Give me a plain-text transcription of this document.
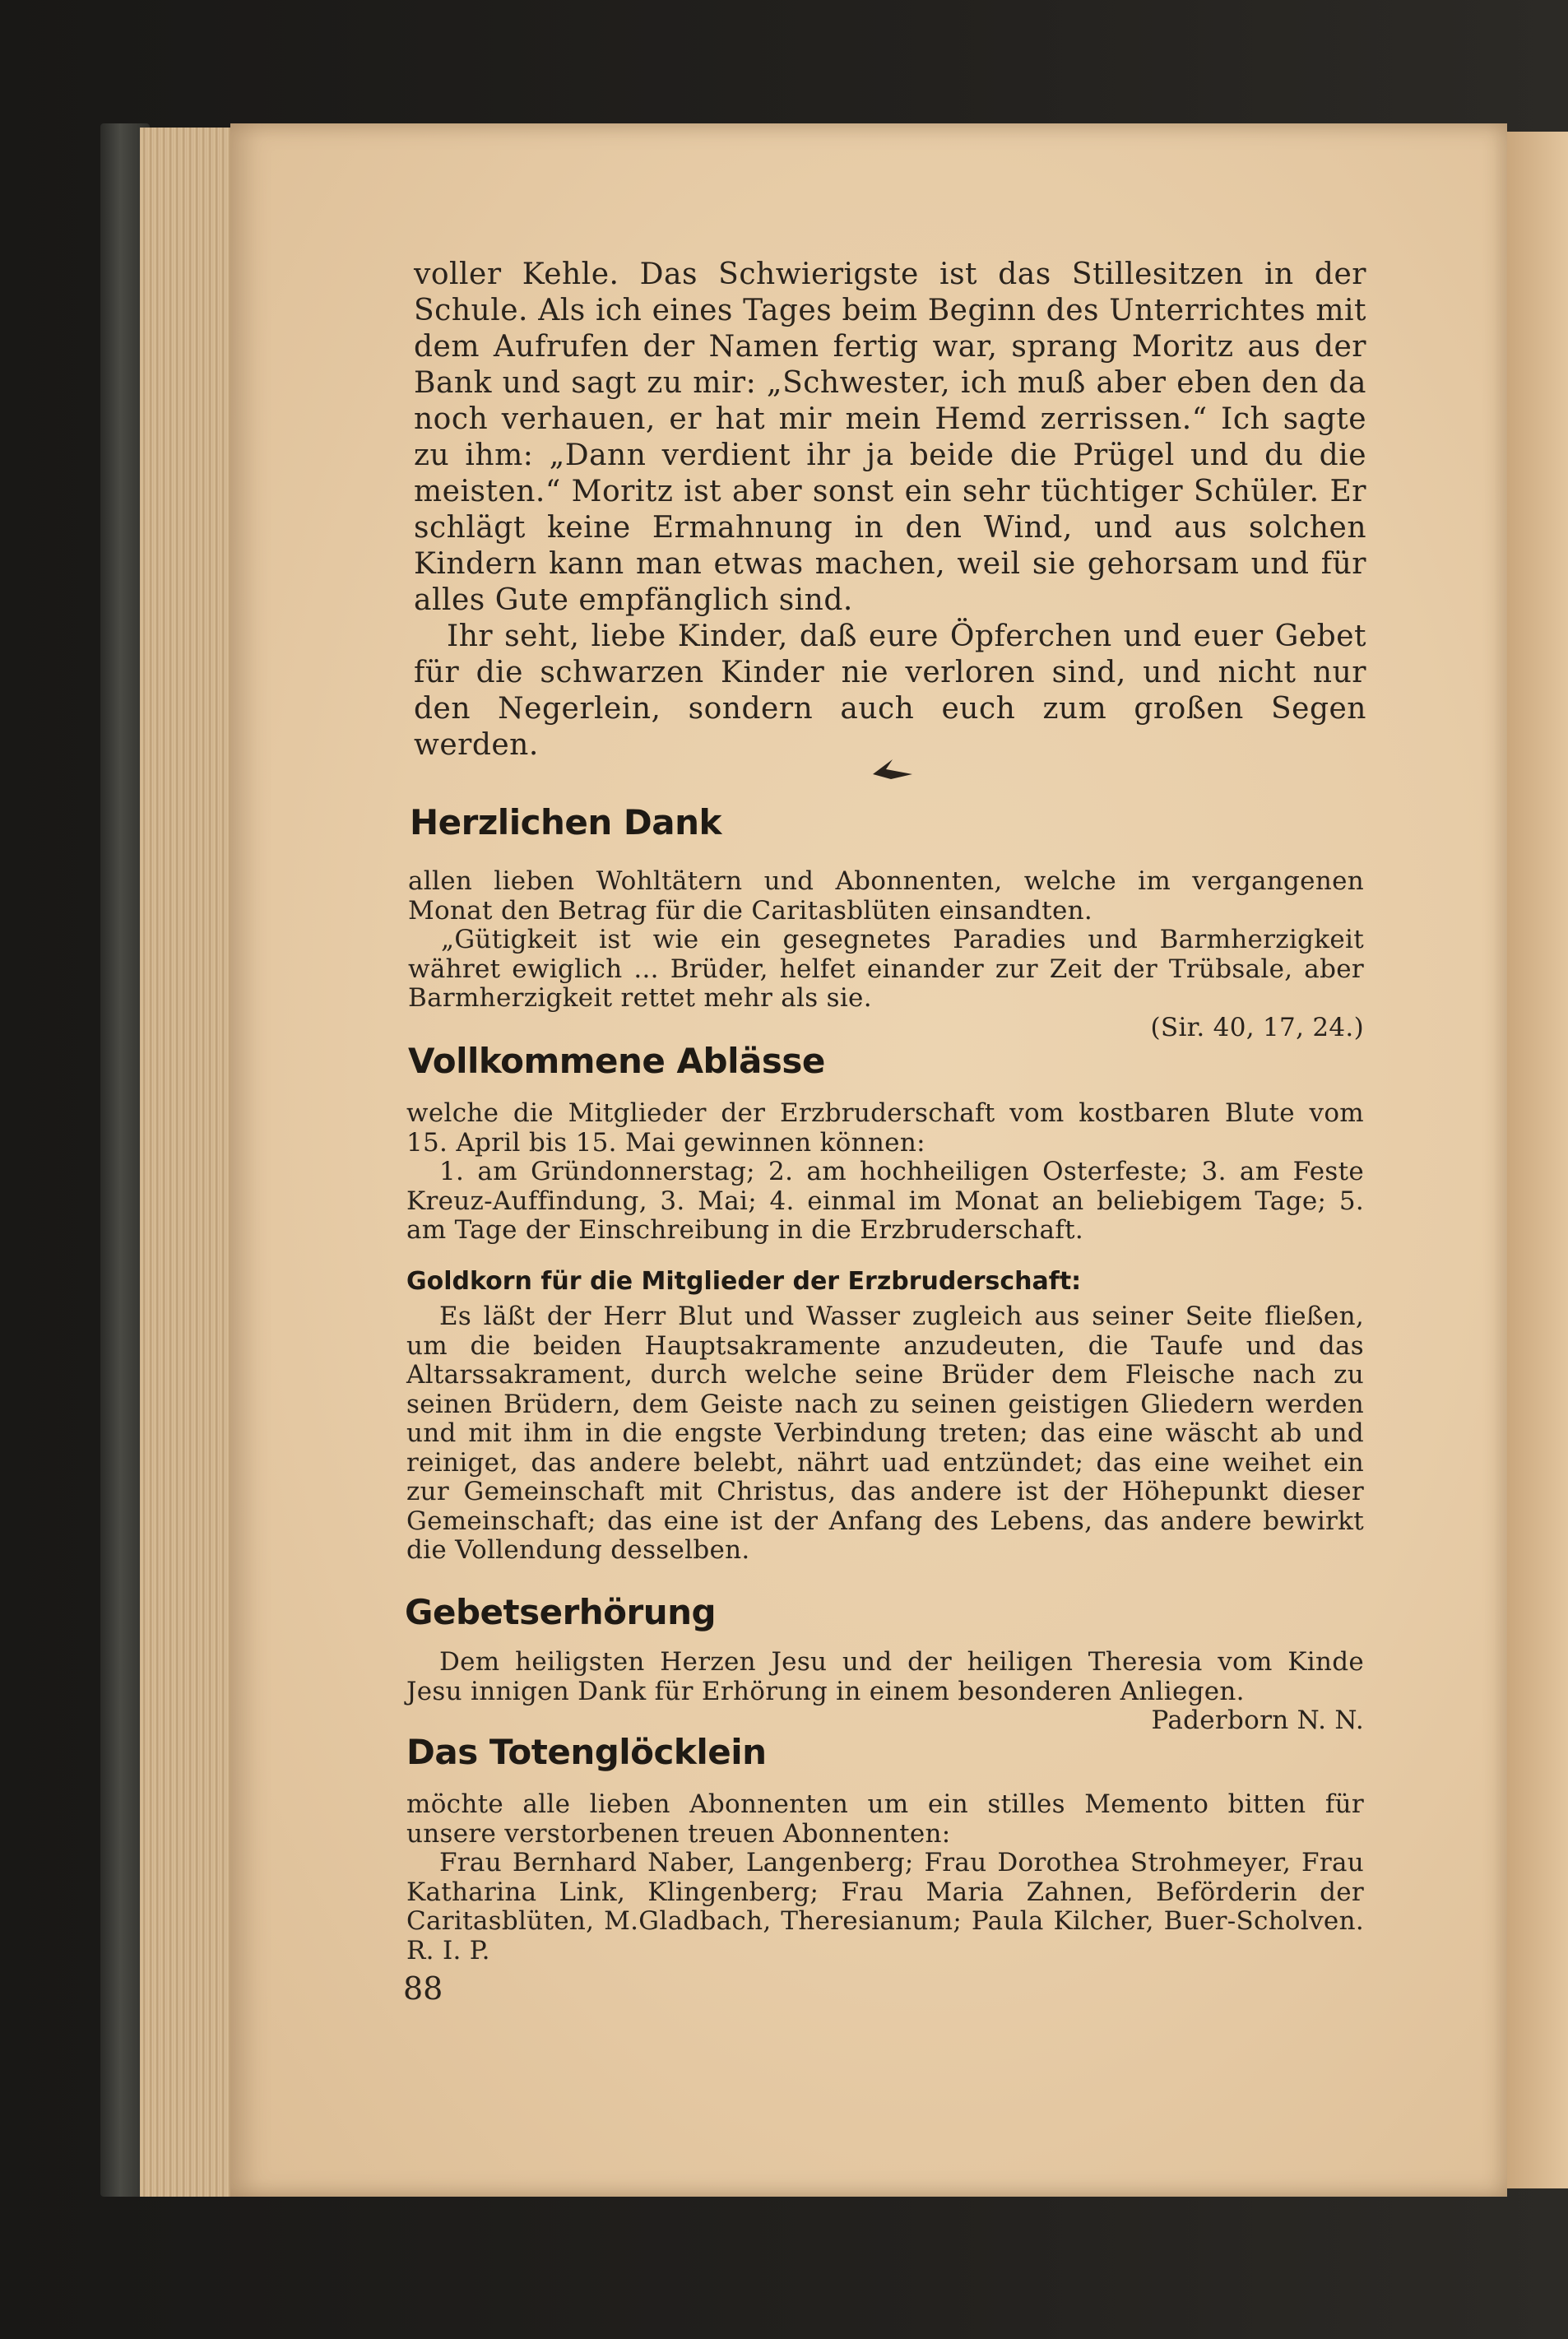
voller Kehle. Das Schwierigste ist das Stillesitzen in der Schule. Als ich eines Tages beim Beginn des Unterrichtes mit dem Aufrufen der Namen fertig war, sprang Moritz aus der Bank und sagt zu mir: „Schwester, ich muß aber eben den da noch verhauen, er hat mir mein Hemd zerrissen.“ Ich sagte zu ihm: „Dann verdient ihr ja beide die Prügel und du die meisten.“ Moritz ist aber sonst ein sehr tüchtiger Schüler. Er schlägt keine Ermahnung in den Wind, und aus solchen Kindern kann man etwas machen, weil sie gehorsam und für alles Gute empfänglich sind.

Ihr seht, liebe Kinder, daß eure Öpferchen und euer Gebet für die schwarzen Kinder nie verloren sind, und nicht nur den Negerlein, sondern auch euch zum großen Segen werden.

Herzlichen Dank

allen lieben Wohltätern und Abonnenten, welche im vergangenen Monat den Betrag für die Caritasblüten einsandten.

„Gütigkeit ist wie ein gesegnetes Paradies und Barmherzigkeit währet ewiglich ... Brüder, helfet einander zur Zeit der Trübsale, aber Barmherzigkeit rettet mehr als sie.

(Sir. 40, 17, 24.)
Vollkommene Ablässe

welche die Mitglieder der Erzbruderschaft vom kostbaren Blute vom 15. April bis 15. Mai gewinnen können:

1. am Gründonnerstag; 2. am hochheiligen Osterfeste; 3. am Feste Kreuz-Auffindung, 3. Mai; 4. einmal im Monat an beliebigem Tage; 5. am Tage der Einschreibung in die Erzbruderschaft.

Goldkorn für die Mitglieder der Erzbruderschaft:

Es läßt der Herr Blut und Wasser zugleich aus seiner Seite fließen, um die beiden Hauptsakramente anzudeuten, die Taufe und das Altarssakrament, durch welche seine Brüder dem Fleische nach zu seinen Brüdern, dem Geiste nach zu seinen geistigen Gliedern werden und mit ihm in die engste Verbindung treten; das eine wäscht ab und reiniget, das andere belebt, nährt uad entzündet; das eine weihet ein zur Gemeinschaft mit Christus, das andere ist der Höhepunkt dieser Gemeinschaft; das eine ist der Anfang des Lebens, das andere bewirkt die Vollendung desselben.

Gebetserhörung

Dem heiligsten Herzen Jesu und der heiligen Theresia vom Kinde Jesu innigen Dank für Erhörung in einem besonderen Anliegen.

Paderborn N. N.
Das Totenglöcklein

möchte alle lieben Abonnenten um ein stilles Memento bitten für unsere verstorbenen treuen Abonnenten:

Frau Bernhard Naber, Langenberg; Frau Dorothea Strohmeyer, Frau Katharina Link, Klingenberg; Frau Maria Zahnen, Beförderin der Caritasblüten, M.Gladbach, Theresianum; Paula Kilcher, Buer-Scholven. R. I. P.

88
